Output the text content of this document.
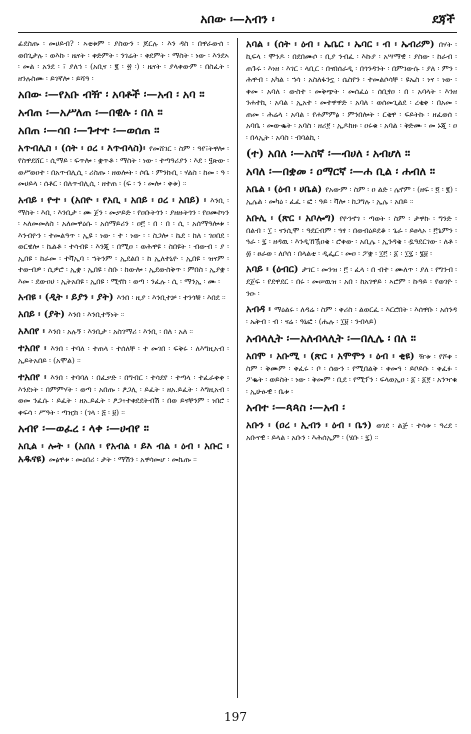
አበው ፡—አብን ፡	ደጃች
ፊደስጡ ፡ መሀይብ? ፡ ኣቲቱም ፡ ያስውን ፡ ጆርሉ ፡ እን ዳስ ፡ በዋራውሰ ፡ ወበጊታሉ ፡ ወእኩ ፡ ዜናት ፡ ቀድምት ፡ ንገሬት ፡ ቀደምት ፡ ማስት ፡ ነው ፡ እንደኣ ፡ መል ፡ አንደ ፡ ፣ ያለኅ ፡ (አቢና ፡ ፪ ፡ ፳ ፡) ፡ ዜናት ፡ ያላቀውም ፡ በስፈት ፡ ዘንሉስሙ ፡ ይገኛሎ ፡ ይሻዓ ፡
አበው ፡—የአቡ ብዥ ፡ አባቶች ፡—አብ ፡ አባ ።
አብጠ ፡—አሥለጠ ፡—በዊሉ ፡ በለ ።
አበጠ ፡—ሳበ ፡—ጉተተ ፡—ወሰጠ ።
አጥብሊስ ፡ (ሰት ፡ ዐረ ፡ እጥብላስ)፡ የመሸገር ፡ ስም ፡ ዓየ፣ትዋሎ ፡ የስዋደሸር ፡ ሲማይ ፡ ፍጥሎ ፡ ቋጥቶ ፡ ማስት ፡ ነው ፡ ተጣዓሪያን ፡ እደ ፡ ፶ጵው ፡ ወሥወዐተ ፡ በአጥብሊሲ ፡ ሪስጡ ፡ ዘወሎት ፡ ሶቤ ፡ ምንኩቢ ፡ ሃልስ ፡ ከመ ፡ ዓ ፡ መሀይላ ፡ ሰቶር ፡ በለጥብሊሲ ፡ ዘተጠ ፡ (ፍ ፡ ን ፡ መሎ ፡ ቀቱ) ።
አብይ ፡ ዮተ ፡ (አበዮ ፡ የአቢ ፡ አበይ ፡ ዐረ ፡ አበይ) ፡ እንቢ ፡ ማስት ፡ እቢ ፡ እንቢታ ፡ ሙ ጀን ፡ መቃይድ ፡ የዐቡትጎን ፡ ያዘዙትጎን ፡ የዐሙኮነን ፡ ኣለመመለስ ፡ አለመዋዕሱ ፡ አሰማይሪን ፡ ዐ፫ ፡ በ ፡ በ ፡ ሲ ፡ አሰማዓሎቱ ፡ እንብዮን ፡ ተመልዓጥ ፡ ኢዩ ፡ ነው ፡ ተ ፡ ነው ፡ ፡ ስጋሎ ፡ ኬደ ፡ ከለ ፡ ገዐበደ ፡ ወርዌሎ ፡ ኬልቶ ፡ ተሳብዩ ፡ እንጂ ፡ በሚዐ ፡ ወሕዋዩ ፡ ስበዩት ፡ ብውብ ፡ ያ ፡ ኢበዩ ፡ ከራመ ፡ ተቫኢባ ፡ ኀትንም ፡ ኢደልበ ፡ ከ ኢለተኒዮ ፡ ኢበዩ ፡ ዝናም ፡ ተውብዎ ፡ ሲዎሮ ፡ ኢቋ ፡ ኢበዩ ፡ ስቡ ፡ ከውሎ ፡ ኢደውስቅጥ ፡ ምበስ ፡ ኢያቋ ፡ እመ ፡ ደውዐሀ ፡ ኢትአበዩ ፡ ኢበዩ ፡ ሚኖስ ፡ ወጣ ፡ ንፈሉ ፡ ሲ ፡ ማንኢ ፡ ሙ ፡
አብዩ ፡ (ዲት ፡ ይያን ፡ ያት) እንበ ፡ ዚያ ፡ እንቢተቻ ፡ ተንጎቹ ፡ እበደ ።
አበይ ፡ (ያት) እንበ ፡ እንቢተኝነት ።
አእበየ ፡ እንበ ፡ አሉኝ ፡ እንቢታ ፡ አስገማሪ ፡ እንቢ ፡ በለ ፡ አለ ።
ተአበየ ፡ እንበ ፡ ተባለ ፡ ተጠላ ፡ ተሰለቸ ፡ ተ መገበ ፡ ፍቅሩ ፡ ለእግዚአብ ፡ ኢይትአበይ ፡ (አሞል) ።
ተአበየ ፡ እንበ ፡ ተባባለ ፡ በፈቃድ ፡ በግብር ፡ ተሳደየ ፡ ተጣላ ፡ ተፈራቀቀ ፡ እንደነት ፡ በምምሃት ፡ ወጣ ፡ አበጡ ፡ ፆጋሊ ፡ ይፈት ፡ ዘአ.ይፈት ፡ እግዚአብ ፡ ወመ ንፈሱ ፡ ይፈት ፡ ዘአ.ይፈት ፡ ፆጋ፥ተቀደደትብሽ ፡ በወ ይናቸንም ፡ ነበሮ ፡ ቀፍሳ ፡ ሥዓት ፡ ጣዢከ ፡ (ገላ ፡ ፭ ፡ ፱) ።
አብየ ፡—ወፈረ ፡ ላቀ ፡—ሀብየ ።
አቢል ፡ ሎት ፡ (አበለ ፡ የአብል ፡ ይእ ብል ፡ ዕብ ፡ አቡር ፡ አዱናዩ) መፅዋቱ ፡ መዕበሪ ፡ ታት ፡ ማሽን ፡ አዋሳመሆ ፡ መኬጡ ።
አባል ፡ (ሰት ፡ ዕብ ፡ ኤቤር ፡ ኤባር ፡ ብ ፡ ኤብሪም) በሃት ፡ ኪፍላ ፡ ሞንዶ ፡ በደበሙሶ ፡ ቢያ ንብፈ ፡ እኩያ ፡ አሣማዊ ፡ ያስው ፡ ከራብ ፡ ጠጉሩ ፡ እነዘ ፡ እገር ፡ ላቢር ፡ በናበሰራዲ ፡ በጎንዳንት ፡ በምገውሱ ፡ ያለ ፡ ምን ፡ ሕዋብ ፡ አካል ፡ ኀሳ ፡ አስለፋንኗ ፡ ሴስየን ፡ ተመልሶሳቸ ፡ ዩኤስ ፡ ነና ፡ ነው ፡ ቀመ ፡ አባለ ፡ ውስተ ፡ መቅጭት ፡ መሰፈዕ ፡ ሰቢፃዐ ፡ በ ፡ አባላት ፡ እንዘ ንሐተኪ ፡ አባል ፡ ኢአተ ፡ መተዋዋድ ፡ አባለ ፡ ወሰመጊልደ ፡ ረቂቀ ፡ በአመ ፡ ጠመ ፡ ሕሬላ ፡ አባል ፡ የሐምምፅ ፡ ምንበሎት ፡ ርቂዋ ፡ ፍይትኩ ፡ ዘፈወሰ ፡ አባቤ ፡ መውቈት ፡ አባስ ፡ ዘሪ፻ ፡ ኢዶክዙ ፡ ዐሩቁ ፡ አባል ፡ ቅድሙ ፡ መ ኑጂ ፡ ዐ ፡ በላኢት ፡ አባስ ፡ ብባልኪ ፡
(ተ) አበለ ፡—አስኛ ፡—ብሀለ ፡ አብሆለ ።
አባለ ፡—በቋመ ፡ ዐማርኛ ፡—ሐ ቢል ፡ ሐብለ ።
አቤል ፡ (ዕብ ፡ ሀቤል) የአውም ፡ ስም ፡ ዐ ልድ ፡ ሌኖም ፡ (ዘፍ ፡ ፬ ፡ ፪) ፡ ኢሌል ፡ መካዕ ፡ ፈፈ ፡ ፎ ፡ ዓይ ፡ ቫሎ ፡ ከጋግሉ ፡ ኢሌ ፡ አበይ ።
አቡሊ ፡ (ጽር ፡ አቦሎግ) የዮንኖገ ፡ ጣወት ፡ ስም ፡ ታዋኩ ፡ ግንድ ፡ በልብ ፡ ፲ ፡ ናንሲሞ ፡ ዓደርብም ፡ ጓፃ ፡ በወብዕይደቆ ፡ ጌራ ፡ ይፀላኦ ፡ ፫ጌምን ፡ ጓራ ፡ ፯ ፡ ዘዳዉ ፡ እንዲኸዃዐቄ ፡ ሮቀው ፡ አቢሌ ፡ ኢንዳቄ ፡ ዷዓደርገው ፡ ለቶ ፡ ፴ ፡ ፀራወ ፡ ለቦሰ ፡ በላልቲ ፡ ዲፌር ፡ መዐ ፡ ፖቋ ፡ ፲፫ ፡ ፩ ፡ ፲፯ ፡ ፮፱ ፡
አባይ ፡ (ዕብር) ታገር ፡ መንዝ ፡ ፫ ፡ ፈላ ፡ በ ብተ ፡ ሙለጥ ፡ ያለ ፡ የግንብ ፡ ደጀፍ ፡ የደዋደር ፡ በሩ ፡ መሠዉዝ ፡ አበ ፡ ከአገዋይ ፡ ኣሮም ፡ ኩዓይ ፡ የወገዮ ፡ ንዑ ፡
አብዳ ፡ ማዕልሩ ፡ ለዳሬ ፡ ስም ፡ ቀሪስ ፡ ልወርፈ ፡ እርሮበት ፡ እሰዋቡ ፡ አሰንዳ ፡ ኤቅብ ፡ ብ ፡ ናሬ ፡ ዓኒፎ ፡ (ሔሉ ፡ ፲፱ ፡ ንብላይ)
አብላሊት ፡—አለብላሊት ፡—በሊሌ ፡ በለ ።
አበሞ ፡ አቡሚ ፡ (ጽር ፡ አሞሞን ፡ ዕብ ፡ ቂዩ) ዥቱ ፡ የሾቀ ፡ ስም ፡ ቅሙም ፡ ቀፈሩ ፡ ቦ ፡ ሰውን ፡ የሚበልቅ ፡ ቀመጓ ፡ ይቦይቡ ፡ ቀፈፉ ፡ ፖቈት ፡ ወይስት ፡ ነው ፡ ቅመም ፡ ቢደ ፡ የሚፕን ፡ ፍላወኢዐ ፡ ፩ ፡ ፩፻ ፡ አንዣቁ ፡ ኢሁፁዊ ፡ ቤቱ ፡
አብተ ፡—ጳጳስ ፡—አብ ፡
አቡን ፡ (ዐረ ፡ ኢብን ፡ ዕብ ፡ ቤን) ወገደ ፡ ልጅ ፡ ተሳቱ ፡ ዓረደ ፡ አቡናዊ ፡ ይላል ፡ አቡን ፡ እሕሰኢም ፡ (ሄቡ ፡ ፯) ።
197
